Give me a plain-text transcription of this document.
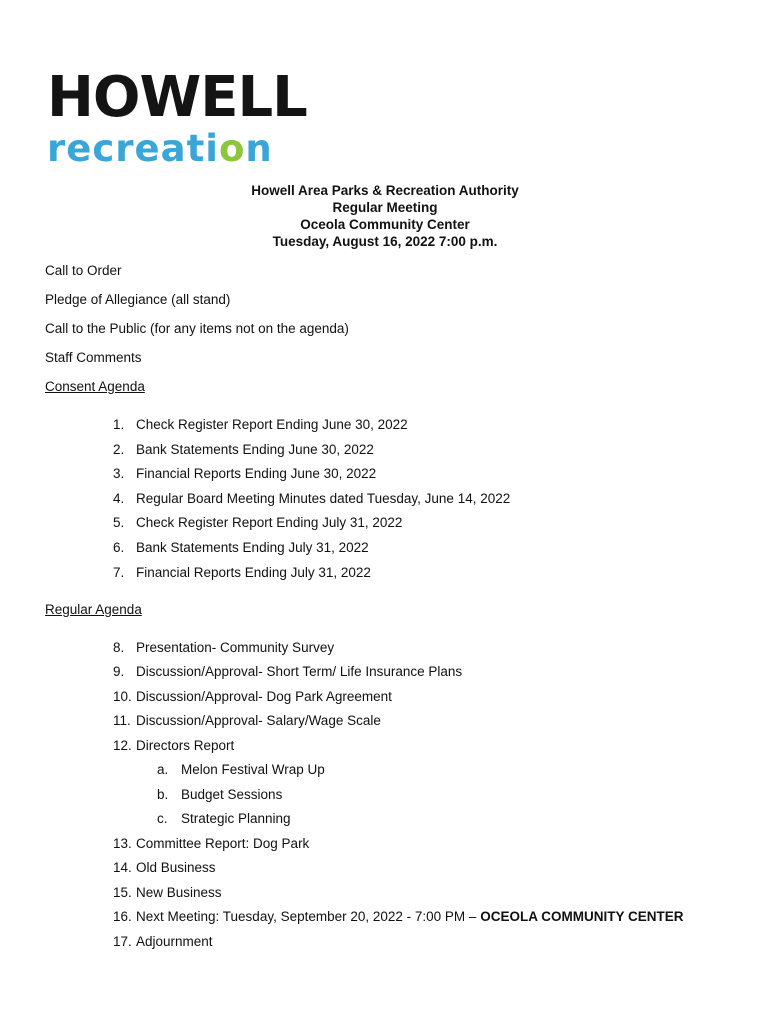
HOWELL
recreation
Howell Area Parks & Recreation Authority
Regular Meeting
Oceola Community Center
Tuesday, August 16, 2022 7:00 p.m.
Call to Order
Pledge of Allegiance (all stand)
Call to the Public (for any items not on the agenda)
Staff Comments
Consent Agenda
1. Check Register Report Ending June 30, 2022
2. Bank Statements Ending June 30, 2022
3. Financial Reports Ending June 30, 2022
4. Regular Board Meeting Minutes dated Tuesday, June 14, 2022
5. Check Register Report Ending July 31, 2022
6. Bank Statements Ending July 31, 2022
7. Financial Reports Ending July 31, 2022
Regular Agenda
8. Presentation- Community Survey
9. Discussion/Approval- Short Term/ Life Insurance Plans
10. Discussion/Approval- Dog Park Agreement
11. Discussion/Approval- Salary/Wage Scale
12. Directors Report
a. Melon Festival Wrap Up
b. Budget Sessions
c. Strategic Planning
13. Committee Report: Dog Park
14. Old Business
15. New Business
16. Next Meeting: Tuesday, September 20, 2022 - 7:00 PM – OCEOLA COMMUNITY CENTER
17. Adjournment
